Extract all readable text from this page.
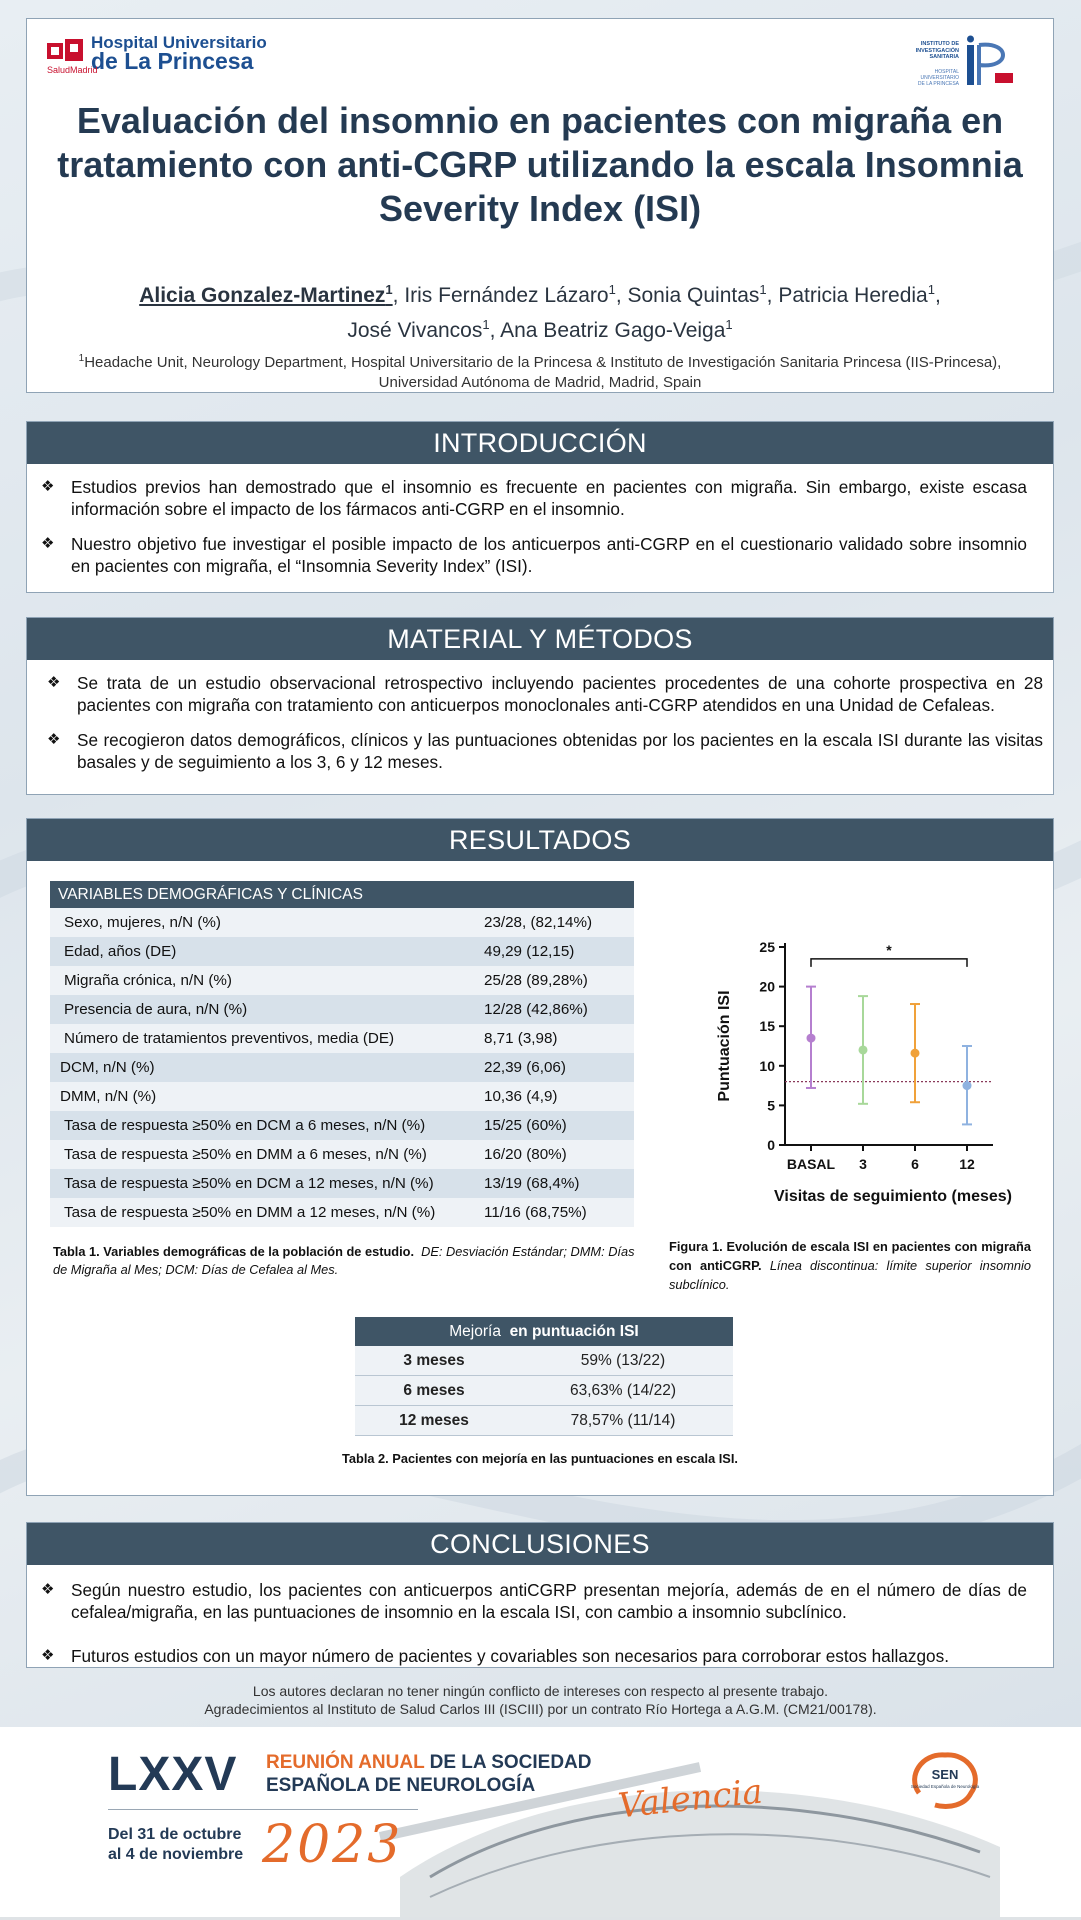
Hospital Universitario
de La Princesa
SaludMadrid
INSTITUTO DE INVESTIGACIÓN SANITARIA
HOSPITAL UNIVERSITARIO DE LA PRINCESA
Evaluación del insomnio en pacientes con migraña en tratamiento con anti-CGRP utilizando la escala Insomnia Severity Index (ISI)
Alicia Gonzalez-Martinez$^1$, Iris Fernández Lázaro$^1$, Sonia Quintas$^1$, Patricia Heredia$^1$,
José Vivancos$^1$, Ana Beatriz Gago-Veiga$^1$
$^1$Headache Unit, Neurology Department, Hospital Universitario de la Princesa & Instituto de Investigación Sanitaria Princesa (IIS-Princesa), Universidad Autónoma de Madrid, Madrid, Spain
INTRODUCCIÓN
❖ Estudios previos han demostrado que el insomnio es frecuente en pacientes con migraña. Sin embargo, existe escasa información sobre el impacto de los fármacos anti-CGRP en el insomnio.
❖ Nuestro objetivo fue investigar el posible impacto de los anticuerpos anti-CGRP en el cuestionario validado sobre insomnio en pacientes con migraña, el “Insomnia Severity Index” (ISI).
MATERIAL Y MÉTODOS
❖ Se trata de un estudio observacional retrospectivo incluyendo pacientes procedentes de una cohorte prospectiva en 28 pacientes con migraña con tratamiento con anticuerpos monoclonales anti-CGRP atendidos en una Unidad de Cefaleas.
❖ Se recogieron datos demográficos, clínicos y las puntuaciones obtenidas por los pacientes en la escala ISI durante las visitas basales y de seguimiento a los 3, 6 y 12 meses.
RESULTADOS
VARIABLES DEMOGRÁFICAS Y CLÍNICAS
Sexo, mujeres, n/N (%)	23/28, (82,14%)
Edad, años (DE)	49,29 (12,15)
Migraña crónica, n/N (%)	25/28 (89,28%)
Presencia de aura, n/N (%)	12/28 (42,86%)
Número de tratamientos preventivos, media (DE)	8,71 (3,98)
DCM, n/N (%)	22,39 (6,06)
DMM, n/N (%)	10,36 (4,9)
Tasa de respuesta ≥50% en DCM a 6 meses, n/N (%)	15/25 (60%)
Tasa de respuesta ≥50% en DMM a 6 meses, n/N (%)	16/20 (80%)
Tasa de respuesta ≥50% en DCM a 12 meses, n/N (%)	13/19 (68,4%)
Tasa de respuesta ≥50% en DMM a 12 meses, n/N (%)	11/16 (68,75%)
Tabla 1. Variables demográficas de la población de estudio. DE: Desviación Estándar; DMM: Días de Migraña al Mes; DCM: Días de Cefalea al Mes.
0
5
10
15
20
25
BASAL 3	6	12
*
Puntuación ISI
Visitas de seguimiento (meses)
Figura 1. Evolución de escala ISI en pacientes con migraña con antiCGRP. Línea discontinua: límite superior insomnio subclínico.
Mejoría en puntuación ISI
3 meses	59% (13/22)
6 meses	63,63% (14/22)
12 meses	78,57% (11/14)
Tabla 2. Pacientes con mejoría en las puntuaciones en escala ISI.
CONCLUSIONES
❖ Según nuestro estudio, los pacientes con anticuerpos antiCGRP presentan mejoría, además de en el número de días de cefalea/migraña, en las puntuaciones de insomnio en la escala ISI, con cambio a insomnio subclínico.
❖ Futuros estudios con un mayor número de pacientes y covariables son necesarios para corroborar estos hallazgos.
Los autores declaran no tener ningún conflicto de intereses con respecto al presente trabajo.
Agradecimientos al Instituto de Salud Carlos III (ISCIII) por un contrato Río Hortega a A.G.M. (CM21/00178).
LXXV REUNIÓN ANUAL DE LA SOCIEDAD
ESPAÑOLA DE NEUROLOGÍA	Valencia
Del 31 de octubre
al 4 de noviembre 2023
SEN
Sociedad Española de Neurología
